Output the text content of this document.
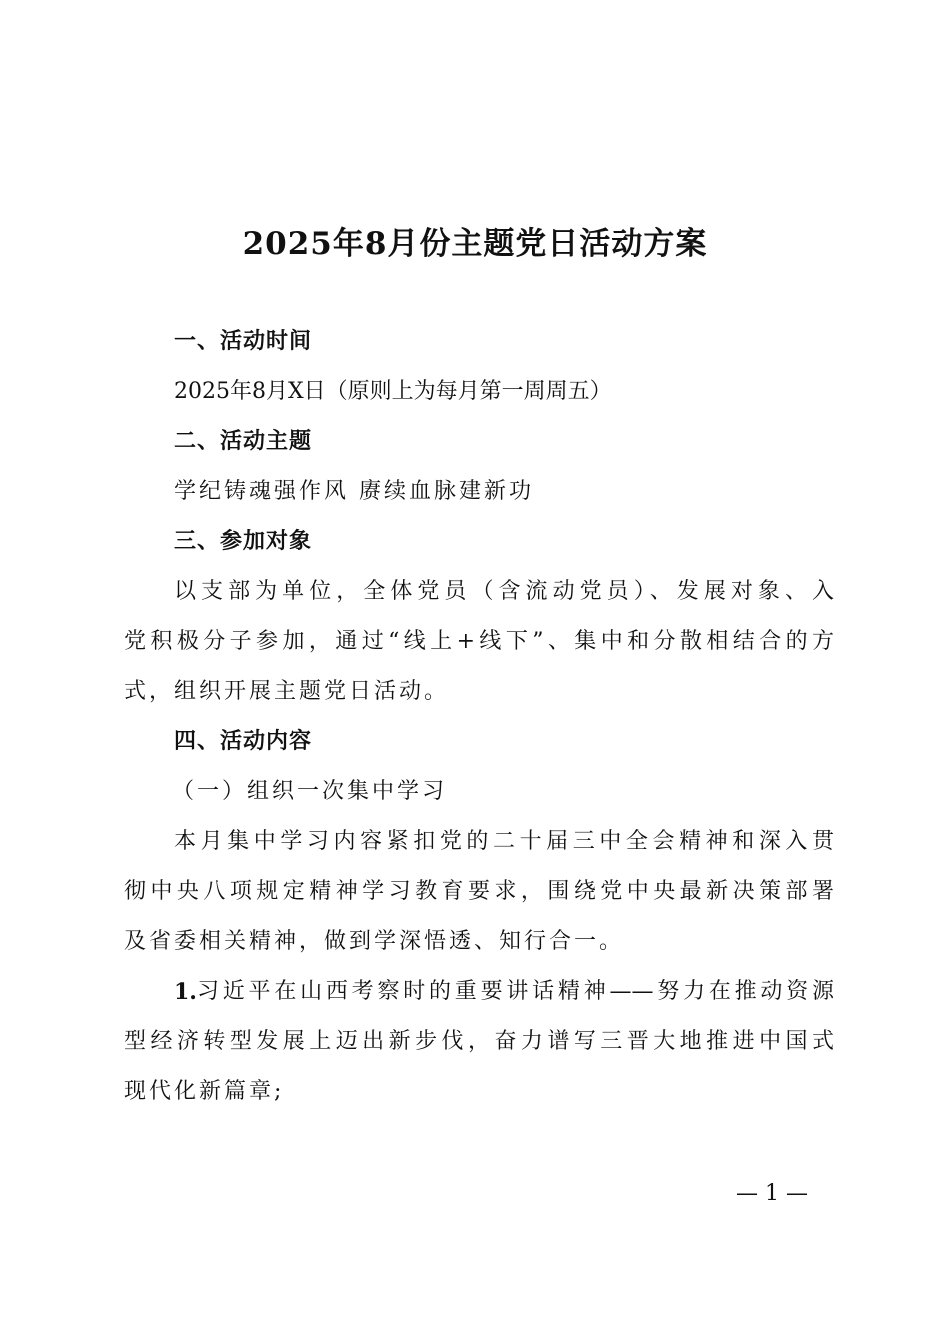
2025年8月份主题党日活动方案
一、活动时间
2025年8月X日（原则上为每月第一周周五）
二、活动主题
学纪铸魂强作风 赓续血脉建新功
三、参加对象
以支部为单位，全体党员（含流动党员）、发展对象、入
党积极分子参加，通过“线上+线下”、集中和分散相结合的方
式，组织开展主题党日活动。
四、活动内容
（一）组织一次集中学习
本月集中学习内容紧扣党的二十届三中全会精神和深入贯
彻中央八项规定精神学习教育要求，围绕党中央最新决策部署
及省委相关精神，做到学深悟透、知行合一。
1. 习近平在山西考察时的重要讲话精神——努力在推动资源
型经济转型发展上迈出新步伐，奋力谱写三晋大地推进中国式
现代化新篇章;
— 1 —
